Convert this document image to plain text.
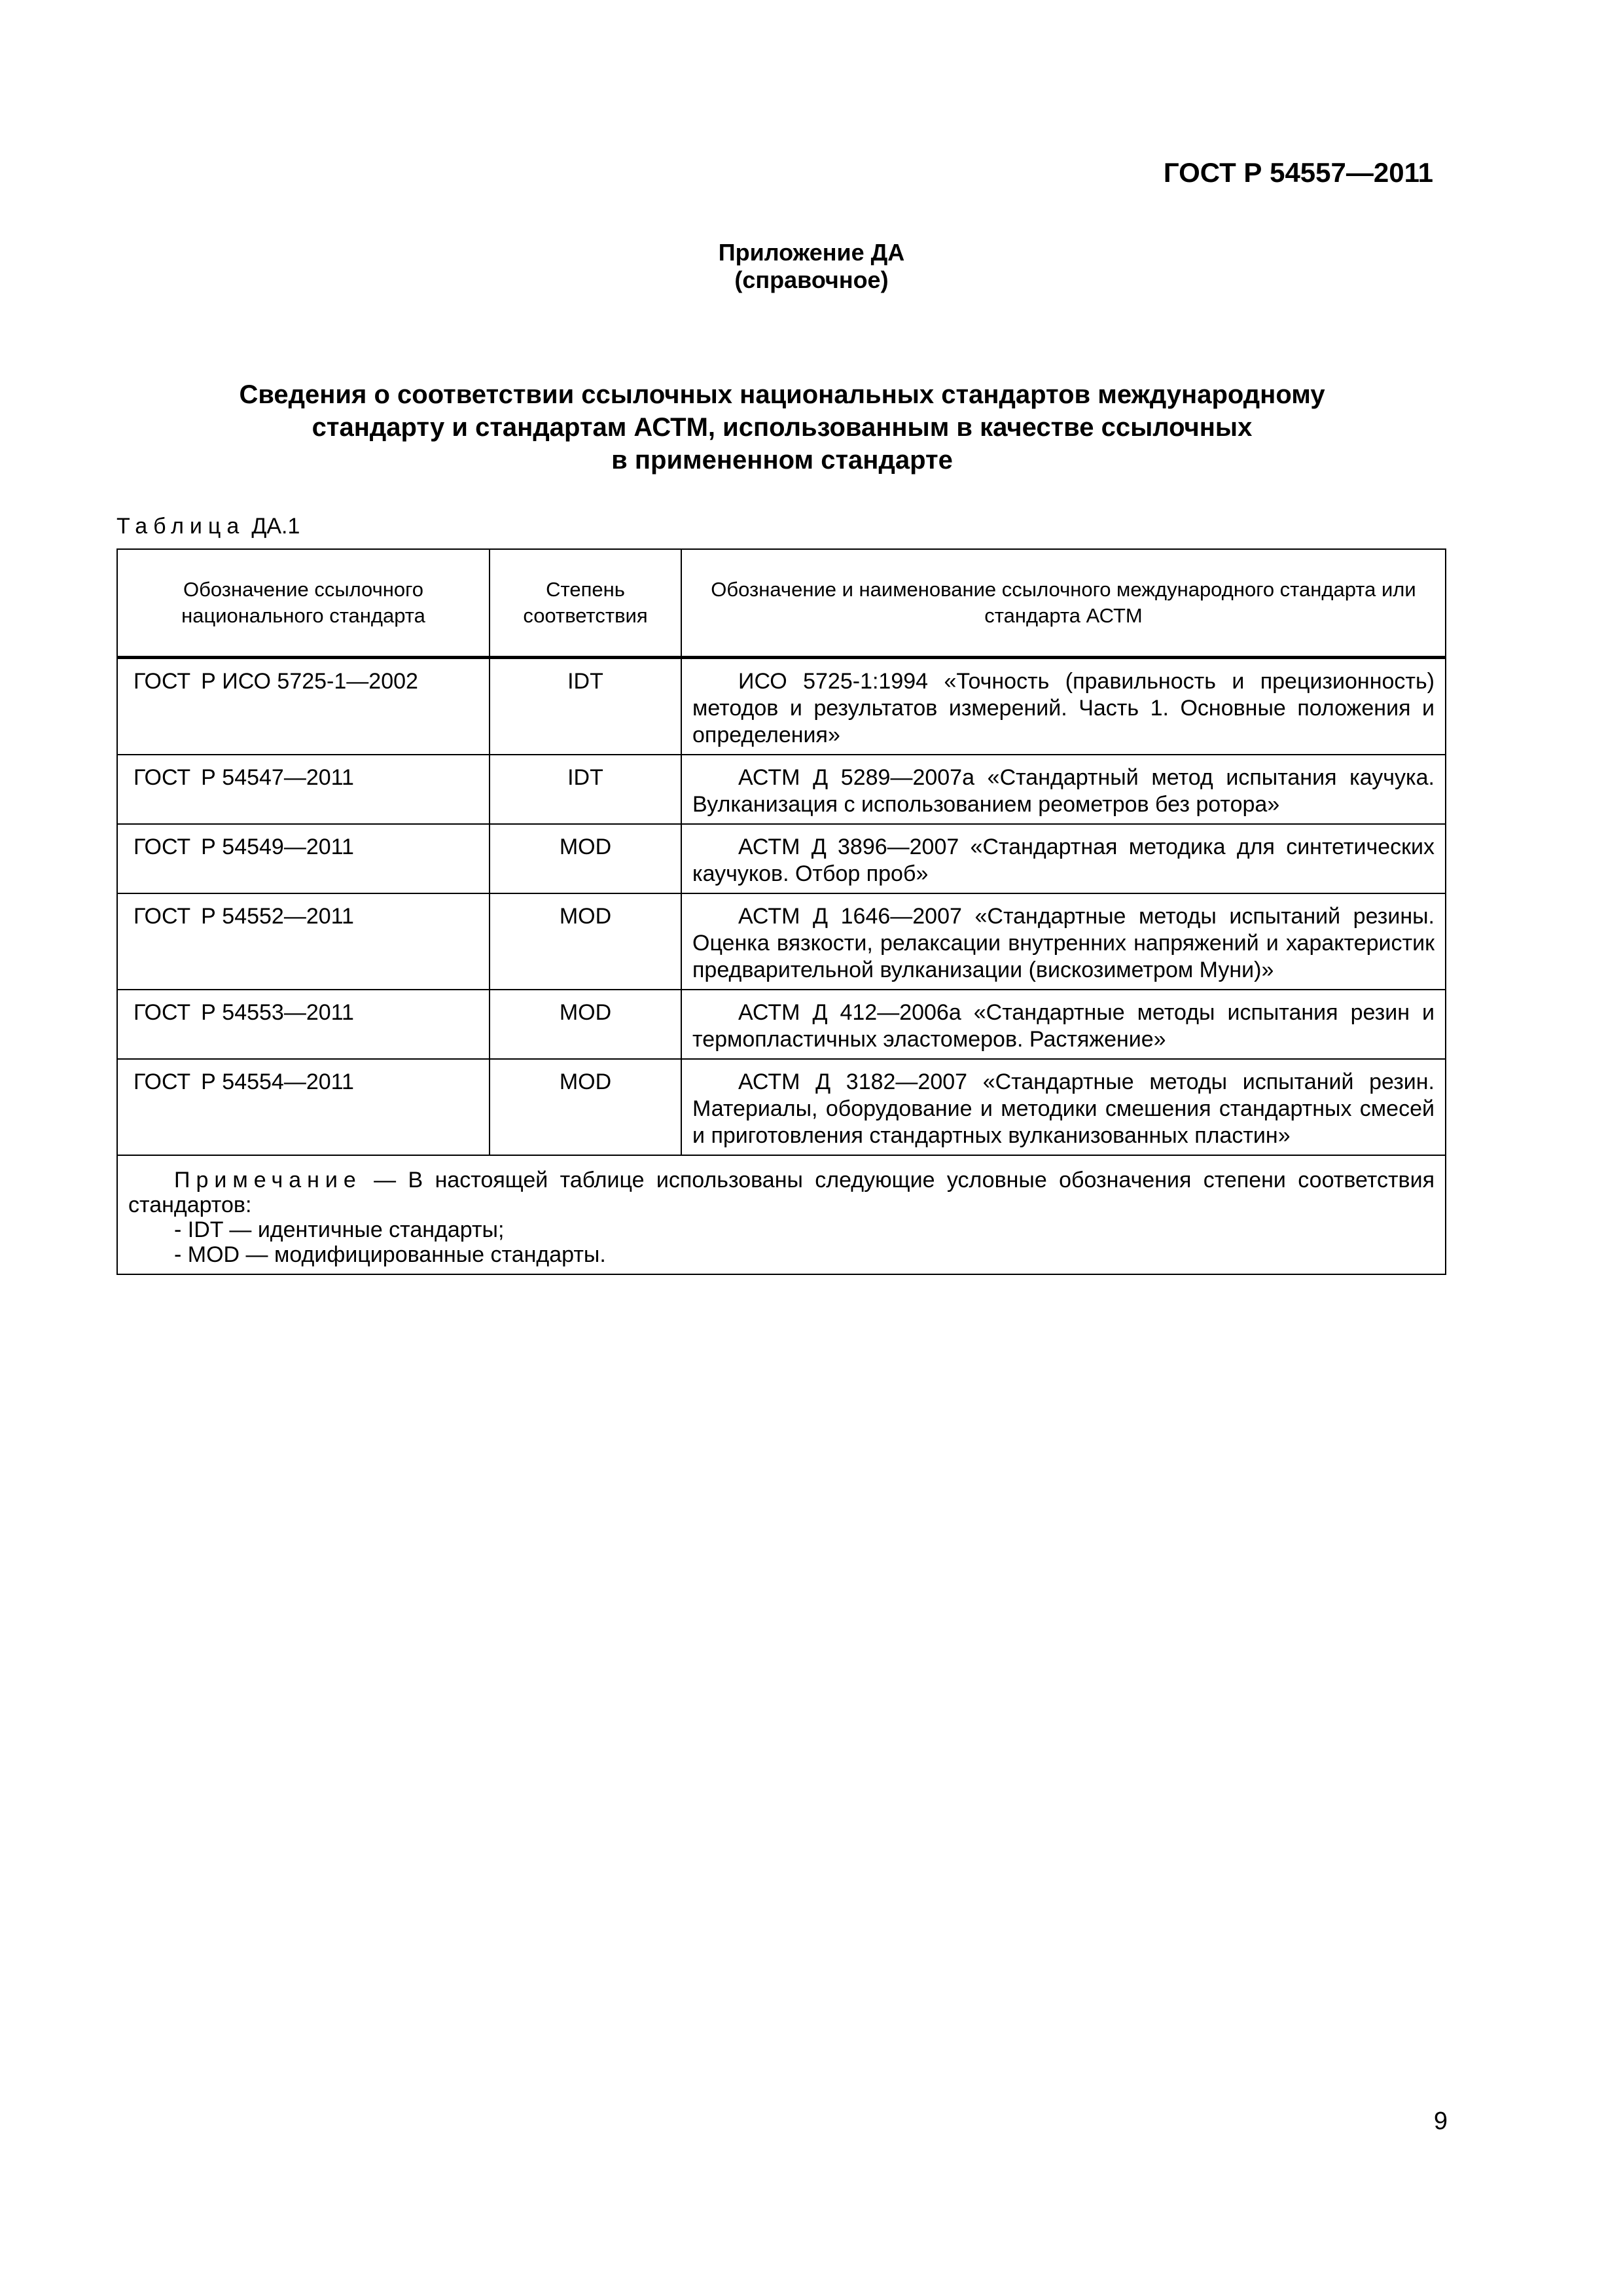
ГОСТ Р 54557—2011
Приложение ДА
(справочное)
Сведения о соответствии ссылочных национальных стандартов международному
стандарту и стандартам АСТМ, использованным в качестве ссылочных
в примененном стандарте
Таблица ДА.1
Обозначение ссылочного национального стандарта	Степень соответствия	Обозначение и наименование ссылочного международного стандарта или стандарта АСТМ
ГОСТ Р ИСО 5725-1—2002	IDT	ИСО 5725-1:1994 «Точность (правильность и прецизионность) методов и результатов измерений. Часть 1. Основные положения и определения»
ГОСТ Р 54547—2011	IDT	АСТМ Д 5289—2007а «Стандартный метод испытания каучука. Вулканизация с использованием реометров без ротора»
ГОСТ Р 54549—2011	MOD	АСТМ Д 3896—2007 «Стандартная методика для синтетических каучуков. Отбор проб»
ГОСТ Р 54552—2011	MOD	АСТМ Д 1646—2007 «Стандартные методы испытаний резины. Оценка вязкости, релаксации внутренних напряжений и характеристик предварительной вулканизации (вискозиметром Муни)»
ГОСТ Р 54553—2011	MOD	АСТМ Д 412—2006а «Стандартные методы испытания резин и термопластичных эластомеров. Растяжение»
ГОСТ Р 54554—2011	MOD	АСТМ Д 3182—2007 «Стандартные методы испытаний резин. Материалы, оборудование и методики смешения стандартных смесей и приготовления стандартных вулканизованных пластин»

Примечание — В настоящей таблице использованы следующие условные обозначения степени соответствия стандартов:
- IDT — идентичные стандарты;
- MOD — модифицированные стандарты.		
9
